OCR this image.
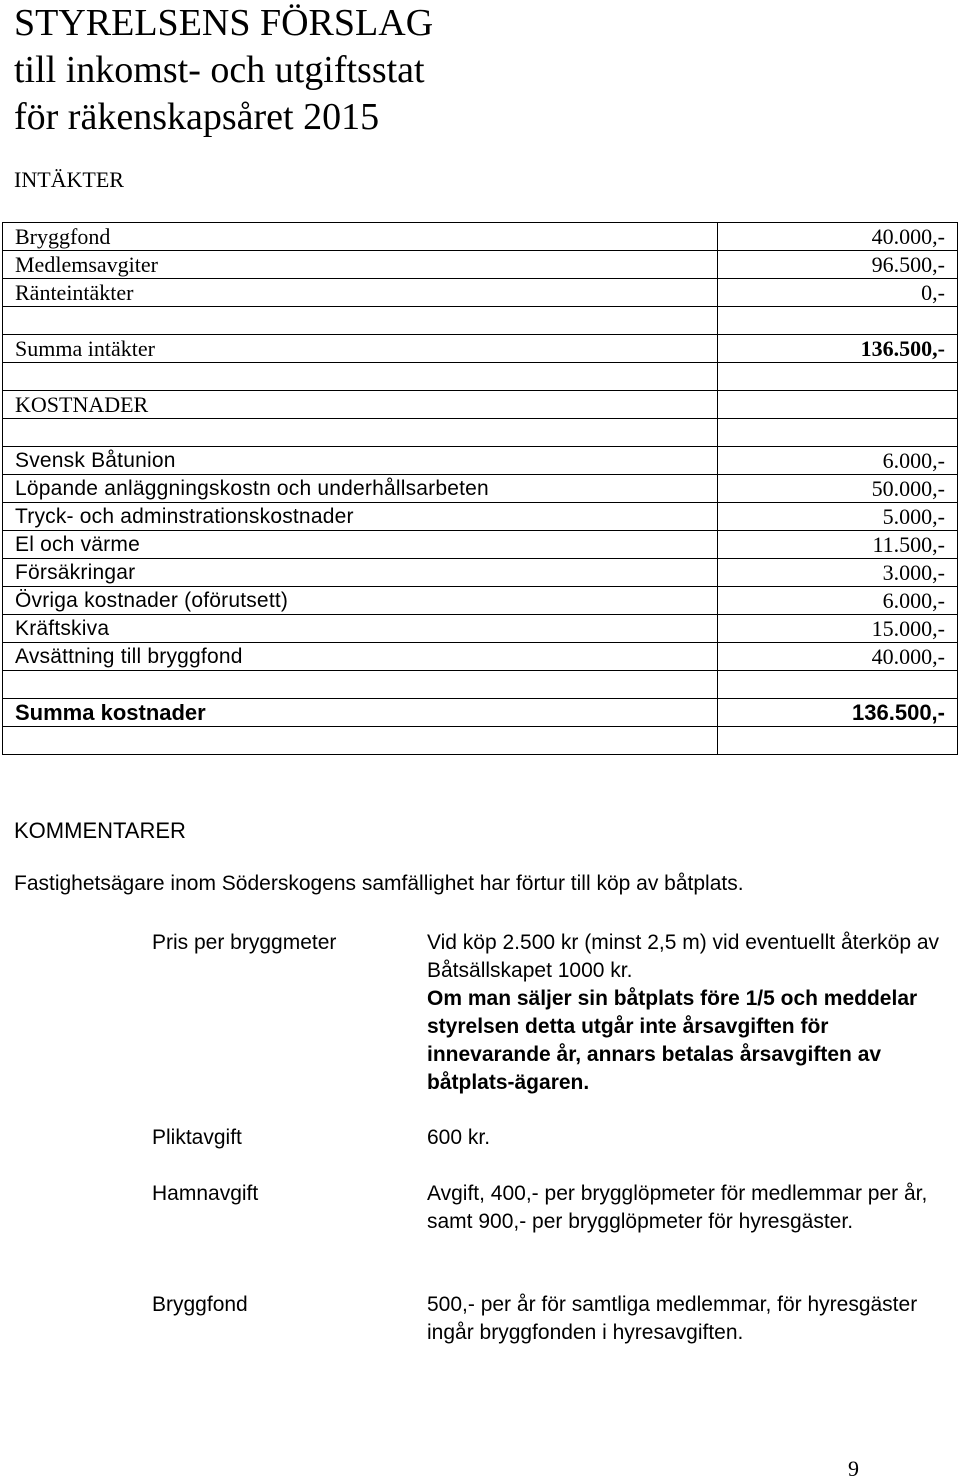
STYRELSENS FÖRSLAG
till inkomst- och utgiftsstat
för räkenskapsåret 2015
INTÄKTER
Bryggfond	40.000,-
Medlemsavgiter	96.500,-
Ränteintäkter	0,-

Summa intäkter	136.500,-

KOSTNADER	

Svensk Båtunion	6.000,-
Löpande anläggningskostn och underhållsarbeten	50.000,-
Tryck- och adminstrationskostnader	5.000,-
El och värme	11.500,-
Försäkringar	3.000,-
Övriga kostnader (oförutsett)	6.000,-
Kräftskiva	15.000,-
Avsättning till bryggfond	40.000,-

Summa kostnader	136.500,-

KOMMENTARER
Fastighetsägare inom Söderskogens samfällighet har förtur till köp av båtplats.
Pris per bryggmeter	Vid köp 2.500 kr (minst 2,5 m) vid eventuellt återköp av Båtsällskapet 1000 kr.
Om man säljer sin båtplats före 1/5 och meddelar styrelsen detta utgår inte årsavgiften för innevarande år, annars betalas årsavgiften av båtplats-ägaren.
Pliktavgift	600 kr.
Hamnavgift	Avgift, 400,- per brygglöpmeter för medlemmar per år, samt 900,- per brygglöpmeter för hyresgäster.
Bryggfond	500,- per år för samtliga medlemmar, för hyresgäster ingår bryggfonden i hyresavgiften.
9
